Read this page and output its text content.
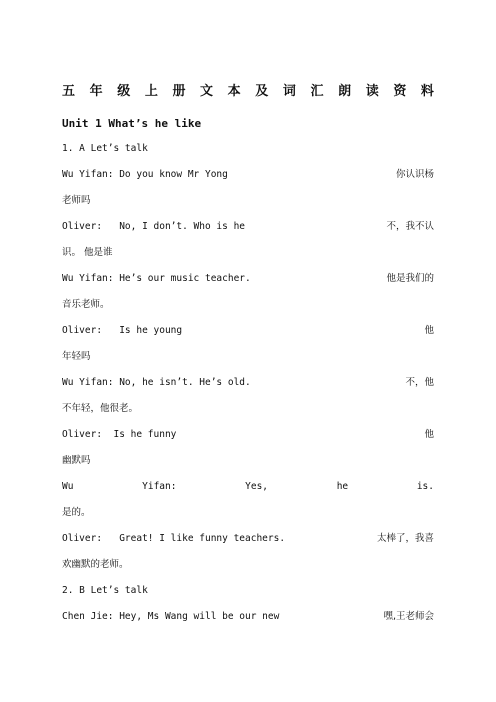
五 年 级 上 册 文 本 及 词 汇 朗 读 资 料
Unit 1 What’s he like
1. A Let’s talk
Wu Yifan: Do you know Mr Yong	你认识杨
老师吗
Oliver:   No, I don’t. Who is he	不，我不认
识。 他是谁
Wu Yifan: He’s our music teacher.	他是我们的
音乐老师。
Oliver:   Is he young	他
年轻吗
Wu Yifan: No, he isn’t. He’s old.	不，他
不年轻，他很老。
Oliver:  Is he funny	他
幽默吗
Wu	Yifan:	Yes,	he	is.
是的。
Oliver:   Great! I like funny teachers.	太棒了，我喜
欢幽默的老师。
2. B Let’s talk
Chen Jie: Hey, Ms Wang will be our new	嘿,王老师会
